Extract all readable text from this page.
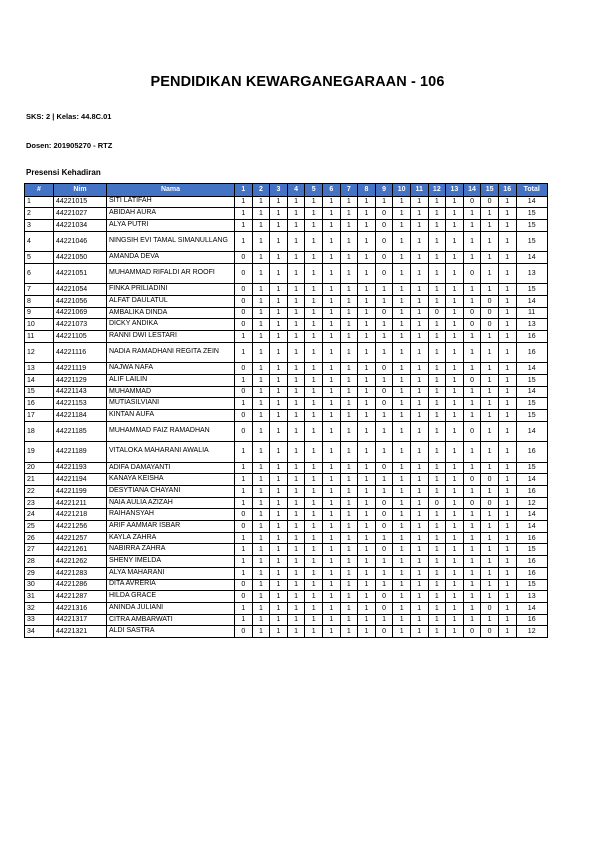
PENDIDIKAN KEWARGANEGARAAN - 106
SKS: 2 | Kelas: 44.8C.01
Dosen: 201905270 - RTZ
Presensi Kehadiran
#	Nim	Nama	1	2	3	4	5	6	7	8	9	10	11	12	13	14	15	16	Total
1	44221015	SITI LATIFAH	1	1	1	1	1	1	1	1	1	1	1	1	1	0	0	1	14
2	44221027	ABIDAH AURA	1	1	1	1	1	1	1	1	0	1	1	1	1	1	1	1	15
3	44221034	ALYA PUTRI	1	1	1	1	1	1	1	1	0	1	1	1	1	1	1	1	15
4	44221046	NINGSIH EVI TAMAL SIMANULLANG	1	1	1	1	1	1	1	1	0	1	1	1	1	1	1	1	15
5	44221050	AMANDA DEVA	0	1	1	1	1	1	1	1	0	1	1	1	1	1	1	1	14
6	44221051	MUHAMMAD RIFALDI AR ROOFI	0	1	1	1	1	1	1	1	0	1	1	1	1	0	1	1	13
7	44221054	FINKA PRILIADINI	0	1	1	1	1	1	1	1	1	1	1	1	1	1	1	1	15
8	44221056	ALFAT DAULATUL	0	1	1	1	1	1	1	1	1	1	1	1	1	1	0	1	14
9	44221069	AMBALIKA DINDA	0	1	1	1	1	1	1	1	0	1	1	0	1	0	0	1	11
10	44221073	DICKY ANDIKA	0	1	1	1	1	1	1	1	1	1	1	1	1	0	0	1	13
11	44221105	RANNI DWI LESTARI	1	1	1	1	1	1	1	1	1	1	1	1	1	1	1	1	16
12	44221116	NADIA RAMADHANI REGITA ZEIN	1	1	1	1	1	1	1	1	1	1	1	1	1	1	1	1	16
13	44221119	NAJWA NAFA	0	1	1	1	1	1	1	1	0	1	1	1	1	1	1	1	14
14	44221129	ALIF LAILIN	1	1	1	1	1	1	1	1	1	1	1	1	1	0	1	1	15
15	44221143	MUHAMMAD	0	1	1	1	1	1	1	1	0	1	1	1	1	1	1	1	14
16	44221153	MUTIASILVIANI	1	1	1	1	1	1	1	1	0	1	1	1	1	1	1	1	15
17	44221184	KINTAN AUFA	0	1	1	1	1	1	1	1	1	1	1	1	1	1	1	1	15
18	44221185	MUHAMMAD FAIZ RAMADHAN	0	1	1	1	1	1	1	1	1	1	1	1	1	0	1	1	14
19	44221189	VITALOKA MAHARANI AWALIA	1	1	1	1	1	1	1	1	1	1	1	1	1	1	1	1	16
20	44221193	ADIFA DAMAYANTI	1	1	1	1	1	1	1	1	0	1	1	1	1	1	1	1	15
21	44221194	KANAYA KEISHA	1	1	1	1	1	1	1	1	1	1	1	1	1	0	0	1	14
22	44221199	DESYTIANA CHAYANI	1	1	1	1	1	1	1	1	1	1	1	1	1	1	1	1	16
23	44221211	NAIA AULIA AZIZAH	1	1	1	1	1	1	1	1	0	1	1	0	1	0	0	1	12
24	44221218	RAIHANSYAH	0	1	1	1	1	1	1	1	0	1	1	1	1	1	1	1	14
25	44221256	ARIF AAMMAR ISBAR	0	1	1	1	1	1	1	1	0	1	1	1	1	1	1	1	14
26	44221257	KAYLA ZAHRA	1	1	1	1	1	1	1	1	1	1	1	1	1	1	1	1	16
27	44221261	NABIRRA ZAHRA	1	1	1	1	1	1	1	1	0	1	1	1	1	1	1	1	15
28	44221262	SHENY IMELDA	1	1	1	1	1	1	1	1	1	1	1	1	1	1	1	1	16
29	44221283	ALYA MAHARANI	1	1	1	1	1	1	1	1	1	1	1	1	1	1	1	1	16
30	44221286	DITA AVRERIA	0	1	1	1	1	1	1	1	1	1	1	1	1	1	1	1	15
31	44221287	HILDA GRACE	0	1	1	1	1	1	1	1	0	1	1	1	1	1	1	1	13
32	44221316	ANINDA JULIANI	1	1	1	1	1	1	1	1	0	1	1	1	1	1	0	1	14
33	44221317	CITRA AMBARWATI	1	1	1	1	1	1	1	1	1	1	1	1	1	1	1	1	16
34	44221321	ALDI SASTRA	0	1	1	1	1	1	1	1	0	1	1	1	1	0	0	1	12
